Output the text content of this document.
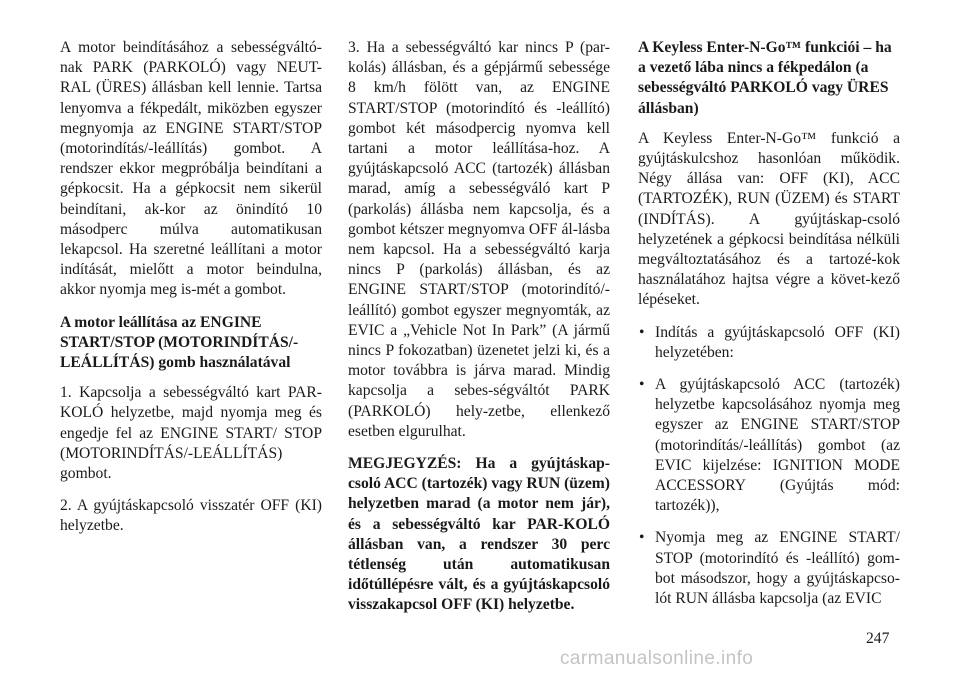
A motor beindításához a sebességváltó-nak PARK (PARKOLÓ) vagy NEUT-RAL (ÜRES) állásban kell lennie. Tartsa lenyomva a fékpedált, miközben egyszer megnyomja az ENGINE START/STOP (motorindítás/-leállítás) gombot. A rendszer ekkor megpróbálja beindítani a gépkocsit. Ha a gépkocsit nem sikerül beindítani, ak-kor az önindító 10 másodperc múlva automatikusan lekapcsol. Ha szeretné leállítani a motor indítását, mielőtt a motor beindulna, akkor nyomja meg is-mét a gombot.

A motor leállítása az ENGINE START/STOP (MOTORINDÍTÁS/-LEÁLLÍTÁS) gomb használatával

1. Kapcsolja a sebességváltó kart PAR-KOLÓ helyzetbe, majd nyomja meg és engedje fel az ENGINE START/ STOP (MOTORINDÍTÁS/-LEÁLLÍTÁS) gombot.

2. A gyújtáskapcsoló visszatér OFF (KI) helyzetbe.

3. Ha a sebességváltó kar nincs P (par-kolás) állásban, és a gépjármű sebessége 8 km/h fölött van, az ENGINE START/STOP (motorindító és -leállító) gombot két másodpercig nyomva kell tartani a motor leállítása-hoz. A gyújtáskapcsoló ACC (tartozék) állásban marad, amíg a sebességváló kart P (parkolás) állásba nem kapcsolja, és a gombot kétszer megnyomva OFF ál-lásba nem kapcsol. Ha a sebességváltó karja nincs P (parkolás) állásban, és az ENGINE START/STOP (motorindító/-leállító) gombot egyszer megnyomták, az EVIC a „Vehicle Not In Park” (A jármű nincs P fokozatban) üzenetet jelzi ki, és a motor továbbra is járva marad. Mindig kapcsolja a sebes-ségváltót PARK (PARKOLÓ) hely-zetbe, ellenkező esetben elgurulhat.

MEGJEGYZÉS: Ha a gyújtáskap-csoló ACC (tartozék) vagy RUN (üzem) helyzetben marad (a motor nem jár), és a sebességváltó kar PAR-KOLÓ állásban van, a rendszer 30 perc tétlenség után automatikusan időtúllépésre vált, és a gyújtáskapcsoló visszakapcsol OFF (KI) helyzetbe.

A Keyless Enter-N-Go™ funkciói – ha a vezető lába nincs a fékpedálon (a sebességváltó PARKOLÓ vagy ÜRES állásban)

A Keyless Enter-N-Go™ funkció a gyújtáskulcshoz hasonlóan működik. Négy állása van: OFF (KI), ACC (TARTOZÉK), RUN (ÜZEM) és START (INDÍTÁS). A gyújtáskap-csoló helyzetének a gépkocsi beindítása nélküli megváltoztatásához és a tartozé-kok használatához hajtsa végre a követ-kező lépéseket.

• Indítás a gyújtáskapcsoló OFF (KI) helyzetében:
• A gyújtáskapcsoló ACC (tartozék) helyzetbe kapcsolásához nyomja meg egyszer az ENGINE START/STOP (motorindítás/-leállítás) gombot (az EVIC kijelzése: IGNITION MODE ACCESSORY (Gyújtás mód: tartozék)),
• Nyomja meg az ENGINE START/ STOP (motorindító és -leállító) gom-bot másodszor, hogy a gyújtáskapcso-lót RUN állásba kapcsolja (az EVIC
247
carmanualsonline.info
